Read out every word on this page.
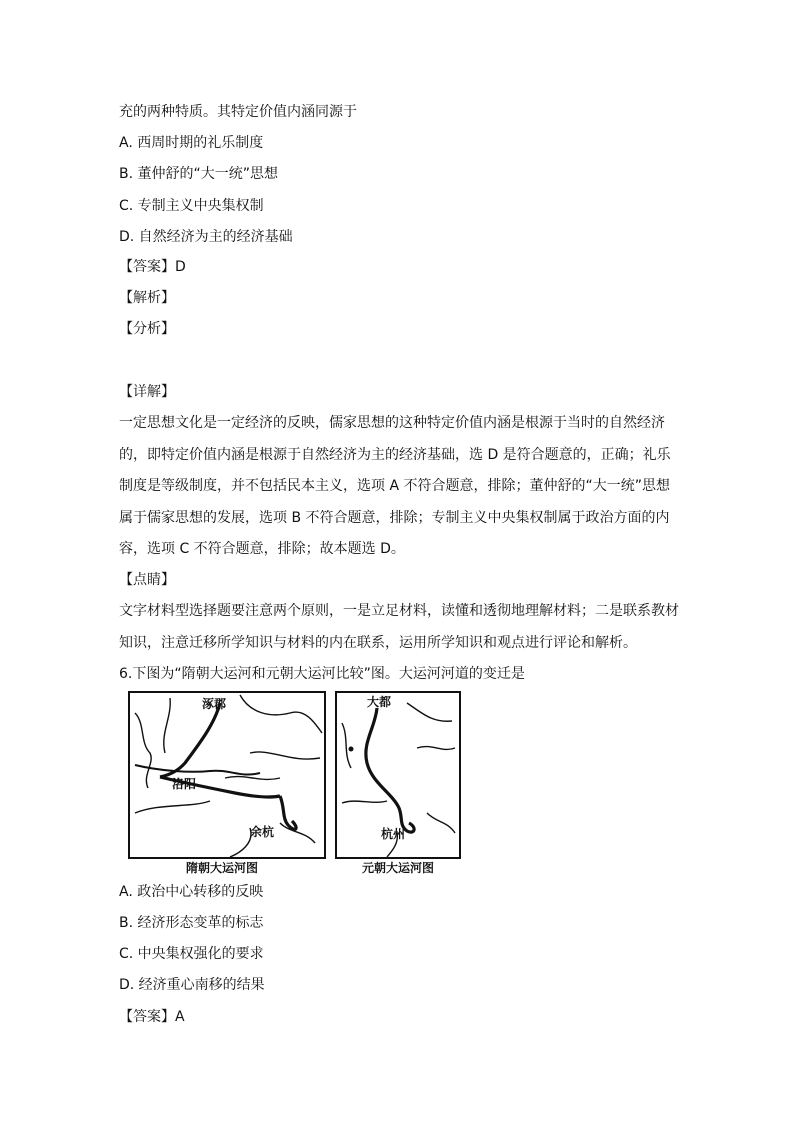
充的两种特质。其特定价值内涵同源于
A. 西周时期的礼乐制度
B. 董仲舒的“大一统”思想
C. 专制主义中央集权制
D. 自然经济为主的经济基础
【答案】D
【解析】
【分析】
【详解】
一定思想文化是一定经济的反映，儒家思想的这种特定价值内涵是根源于当时的自然经济的，即特定价值内涵是根源于自然经济为主的经济基础，选 D 是符合题意的，正确；礼乐制度是等级制度，并不包括民本主义，选项 A 不符合题意，排除；董仲舒的“大一统”思想属于儒家思想的发展，选项 B 不符合题意，排除；专制主义中央集权制属于政治方面的内容，选项 C 不符合题意，排除；故本题选 D。
【点睛】
文字材料型选择题要注意两个原则，一是立足材料，读懂和透彻地理解材料；二是联系教材知识，注意迁移所学知识与材料的内在联系，运用所学知识和观点进行评论和解析。
6.下图为“隋朝大运河和元朝大运河比较”图。大运河河道的变迁是
涿郡
洛阳
余杭
隋朝大运河图
大都
杭州
元朝大运河图
A. 政治中心转移的反映
B. 经济形态变革的标志
C. 中央集权强化的要求
D. 经济重心南移的结果
【答案】A
